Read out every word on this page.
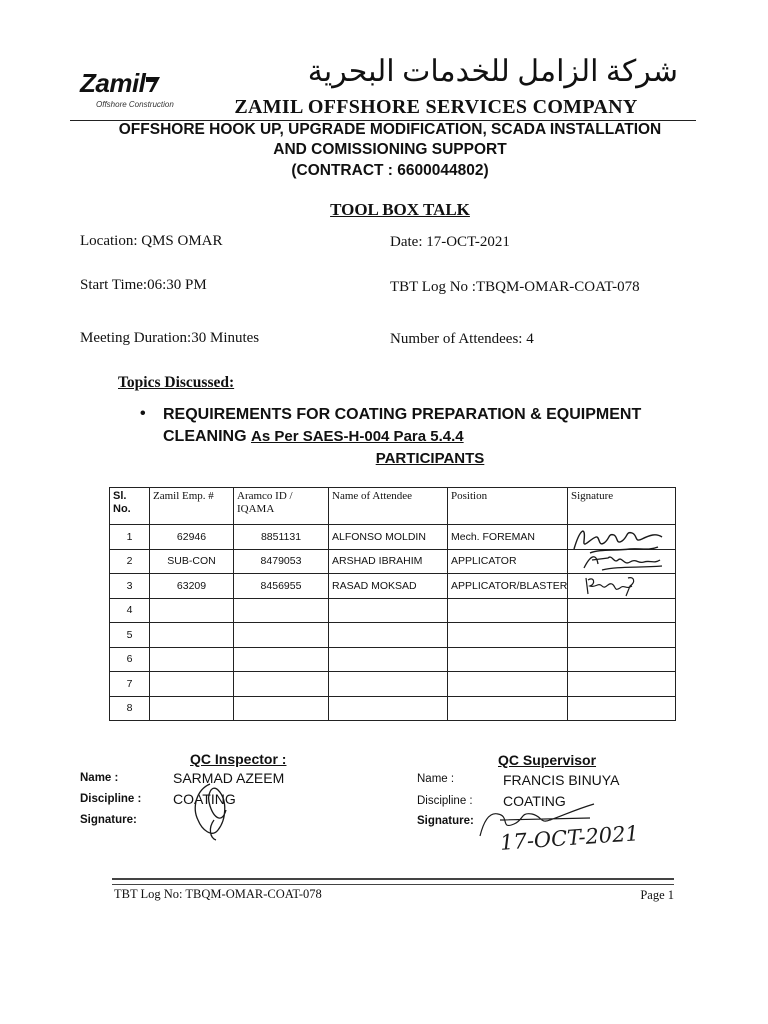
Zamil
Offshore Construction
شركة الزامل للخدمات البحرية
ZAMIL OFFSHORE SERVICES COMPANY
OFFSHORE HOOK UP, UPGRADE MODIFICATION, SCADA INSTALLATION
AND COMISSIONING SUPPORT
(CONTRACT : 6600044802)
TOOL BOX TALK
Location: QMS OMAR	Date: 17-OCT-2021
Start Time:06:30 PM	TBT Log No :TBQM-OMAR-COAT-078
Meeting Duration:30 Minutes	Number of Attendees: 4
Topics Discussed:
• REQUIREMENTS FOR COATING PREPARATION & EQUIPMENT
CLEANING As Per SAES-H-004 Para 5.4.4
PARTICIPANTS
Sl. No.	Zamil Emp. #	Aramco ID / IQAMA	Name of Attendee	Position	Signature
1	62946	8851131	ALFONSO MOLDIN	Mech. FOREMAN	

2	SUB-CON	8479053	ARSHAD IBRAHIM	APPLICATOR	

3	63209	8456955	RASAD MOKSAD	APPLICATOR/BLASTER	

4					
5					
6					
7					
8					
QC Inspector :
Name :	SARMAD AZEEM
Discipline : COATING
Signature:
QC Supervisor
Name :	FRANCIS BINUYA
Discipline : COATING
Signature:
17-OCT-2021
TBT Log No: TBQM-OMAR-COAT-078	Page 1
